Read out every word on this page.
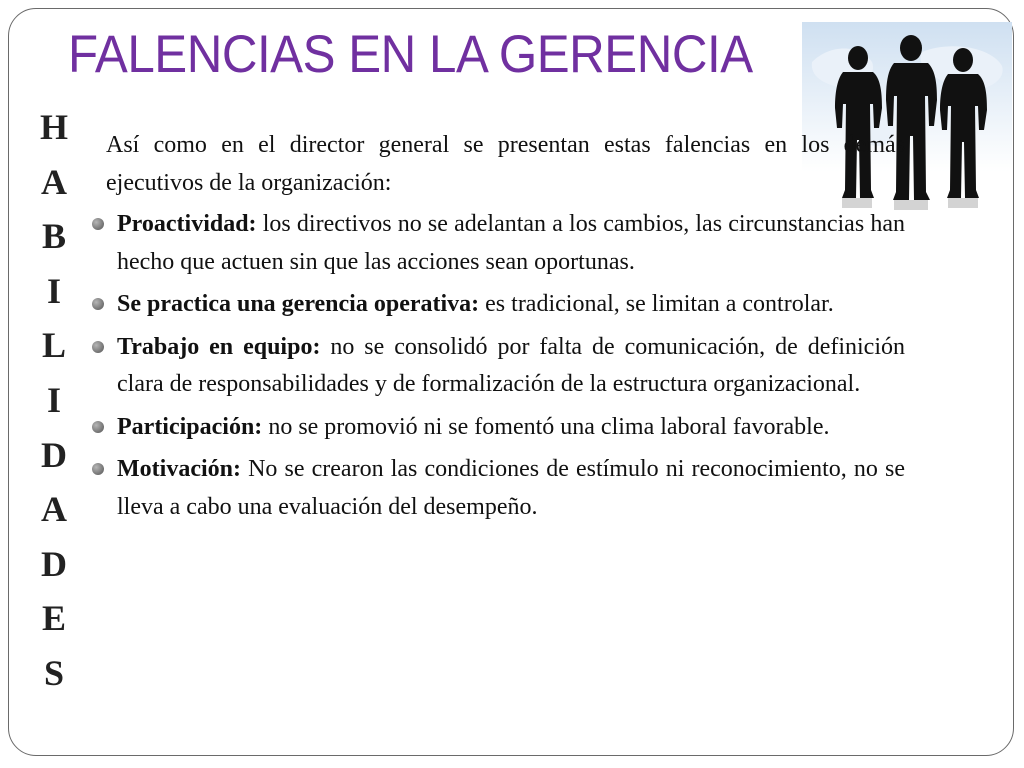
FALENCIAS EN LA GERENCIA
H
A
B
I
L
I
D
A
D
E
S

Así como en el director general se presentan estas falencias en los demás ejecutivos de la organización:

Proactividad: los directivos no se adelantan a los cambios, las circunstancias han hecho que actuen sin que las acciones sean oportunas.
Se practica una gerencia operativa: es tradicional, se limitan a controlar.
Trabajo en equipo: no se consolidó por falta de comunicación, de definición clara de responsabilidades y de formalización de la estructura organizacional.
Participación: no se promovió ni se fomentó una clima laboral favorable.
Motivación: No se crearon las condiciones de estímulo ni reconocimiento, no se lleva a cabo una evaluación del desempeño.
